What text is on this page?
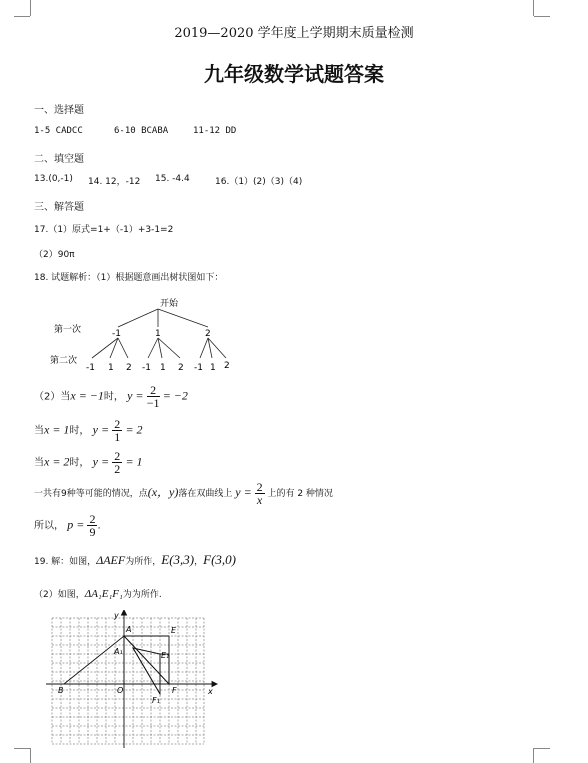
2019—2020 学年度上学期期末质量检测
九年级数学试题答案
一、选择题
1-5 CADCC	6-10 BCABA	11-12 DD
二、填空题
13.(0,-1) 14. 12，-12 15. -4.4	16.（1）(2)（3)（4)
三、解答题
17.（1）原式=1+（-1）+3-1=2
（2）90π
18. 试题解析：（1）根据题意画出树状图如下：
开始
第一次
第二次
-1	1	2
-1 1 2 -1 1 2 -1 1 2
（2）当x = −1时， $y = \frac{2}{-1} = -2$
当x = 1时， $y = \frac{2}{1} = 2$
当x = 2时， $y = \frac{2}{2} = 1$
一共有9种等可能的情况，点(x，y)落在双曲线上 $y = \frac{2}{x}$ 上的有 2 种情况
所以， $p = \frac{2}{9}$ .
19. 解：如图，ΔAEF为所作，E(3,3)，F(3,0)
（2）如图，ΔA₁E₁F₁为为所作.
y
x
A	E
A₁	E₁
B	O	F
F₁
